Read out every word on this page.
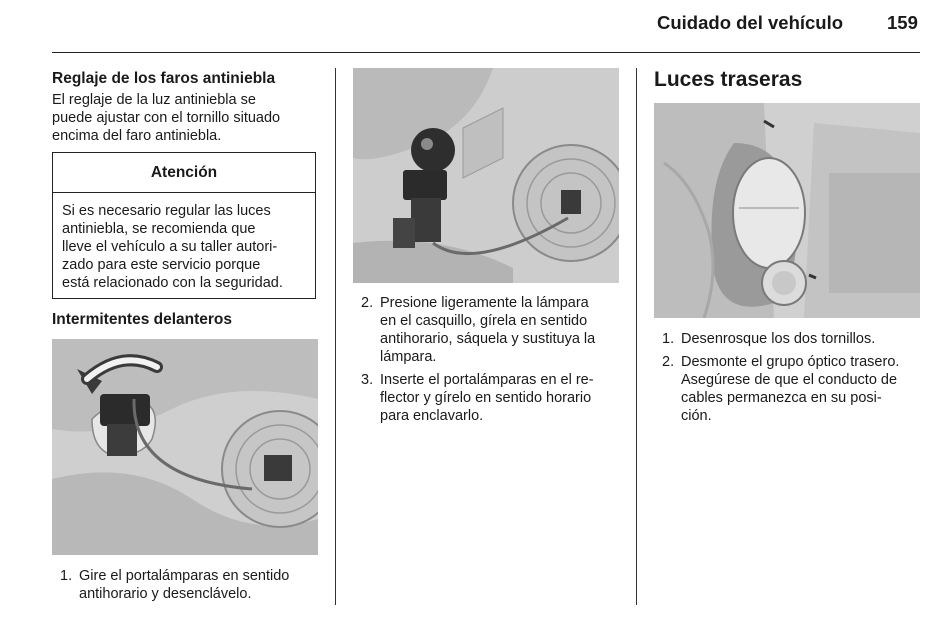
Cuidado del vehículo 159
Reglaje de los faros antiniebla
El reglaje de la luz antiniebla se
puede ajustar con el tornillo situado
encima del faro antiniebla.
Atención
Si es necesario regular las luces
antiniebla, se recomienda que
lleve el vehículo a su taller autori-
zado para este servicio porque
está relacionado con la seguridad.
Intermitentes delanteros
1. Gire el portalámparas en sentido
antihorario y desenclávelo.
2. Presione ligeramente la lámpara
en el casquillo, gírela en sentido
antihorario, sáquela y sustituya la
lámpara.
3. Inserte el portalámparas en el re-
flector y gírelo en sentido horario
para enclavarlo.
Luces traseras
1. Desenrosque los dos tornillos.
2. Desmonte el grupo óptico trasero.
Asegúrese de que el conducto de
cables permanezca en su posi-
ción.
